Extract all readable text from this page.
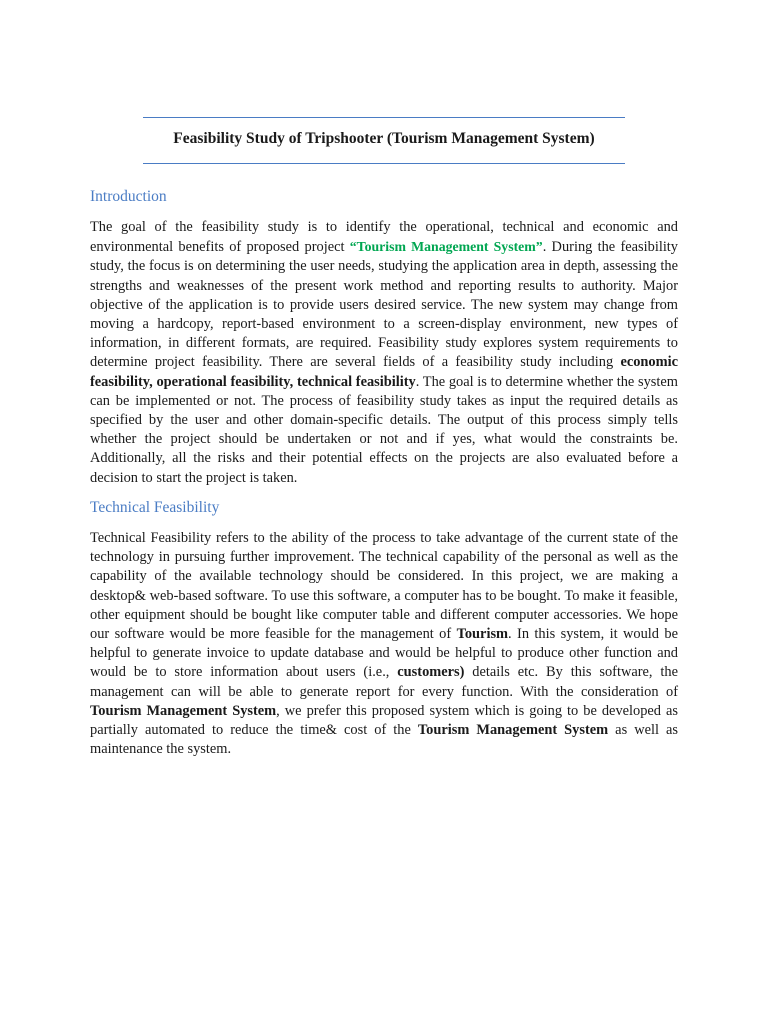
Feasibility Study of Tripshooter (Tourism Management System)
Introduction

The goal of the feasibility study is to identify the operational, technical and economic and environmental benefits of proposed project “Tourism Management System”. During the feasibility study, the focus is on determining the user needs, studying the application area in depth, assessing the strengths and weaknesses of the present work method and reporting results to authority. Major objective of the application is to provide users desired service. The new system may change from moving a hardcopy, report-based environment to a screen-display environment, new types of information, in different formats, are required. Feasibility study explores system requirements to determine project feasibility. There are several fields of a feasibility study including economic feasibility, operational feasibility, technical feasibility. The goal is to determine whether the system can be implemented or not. The process of feasibility study takes as input the required details as specified by the user and other domain-specific details. The output of this process simply tells whether the project should be undertaken or not and if yes, what would the constraints be. Additionally, all the risks and their potential effects on the projects are also evaluated before a decision to start the project is taken.

Technical Feasibility

Technical Feasibility refers to the ability of the process to take advantage of the current state of the technology in pursuing further improvement. The technical capability of the personal as well as the capability of the available technology should be considered. In this project, we are making a desktop& web-based software. To use this software, a computer has to be bought. To make it feasible, other equipment should be bought like computer table and different computer accessories. We hope our software would be more feasible for the management of Tourism. In this system, it would be helpful to generate invoice to update database and would be helpful to produce other function and would be to store information about users (i.e., customers) details etc. By this software, the management can will be able to generate report for every function. With the consideration of Tourism Management System, we prefer this proposed system which is going to be developed as partially automated to reduce the time& cost of the Tourism Management System as well as maintenance the system.
